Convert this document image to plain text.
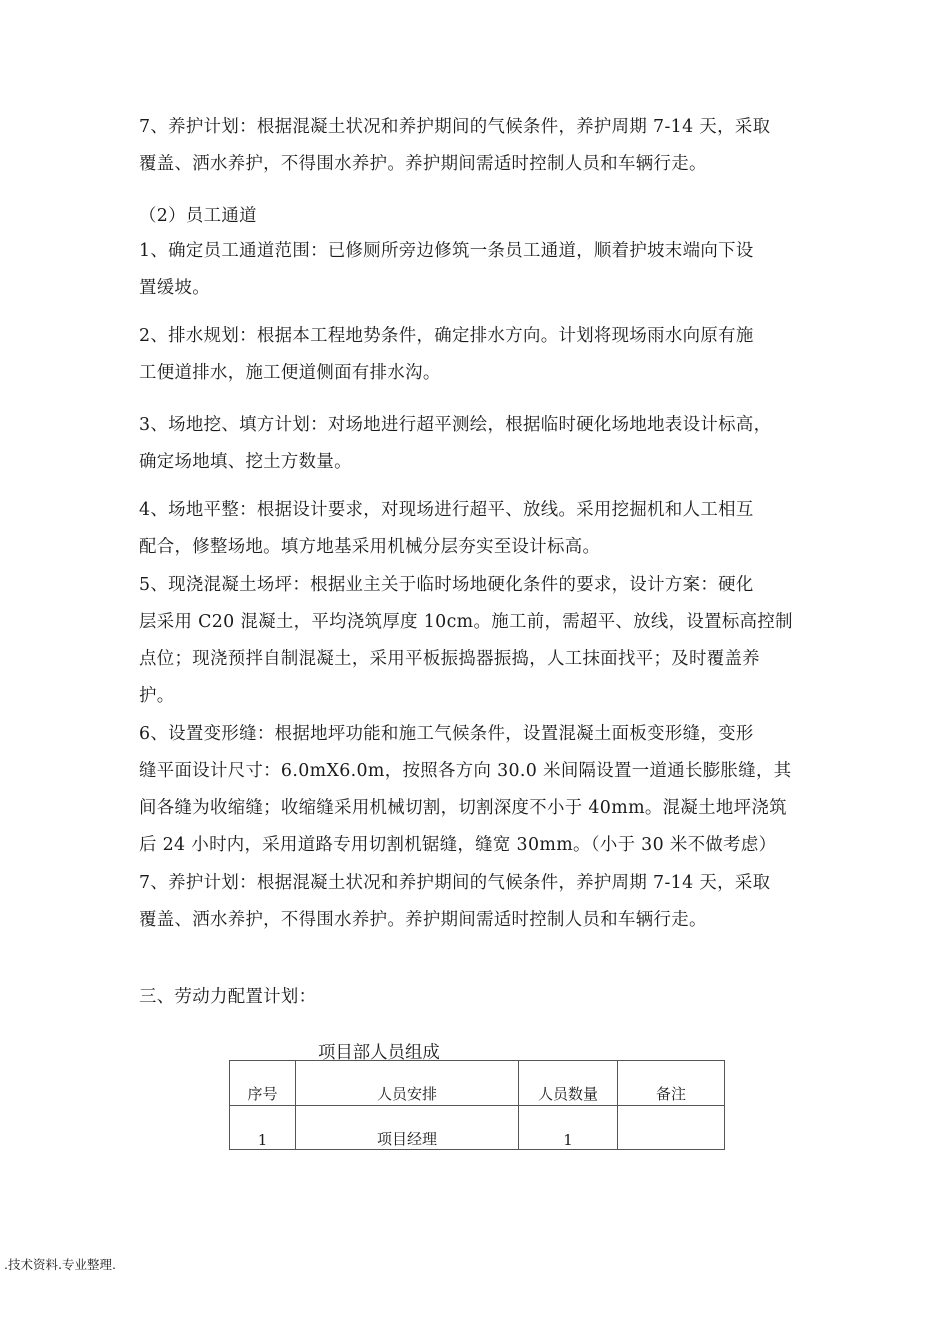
7、养护计划：根据混凝土状况和养护期间的气候条件，养护周期 7-14 天，采取
覆盖、洒水养护，不得围水养护。养护期间需适时控制人员和车辆行走。
（2）员工通道
1、确定员工通道范围：已修厕所旁边修筑一条员工通道，顺着护坡末端向下设
置缓坡。
2、排水规划：根据本工程地势条件，确定排水方向。计划将现场雨水向原有施
工便道排水，施工便道侧面有排水沟。
3、场地挖、填方计划：对场地进行超平测绘，根据临时硬化场地地表设计标高，
确定场地填、挖土方数量。
4、场地平整：根据设计要求，对现场进行超平、放线。采用挖掘机和人工相互
配合，修整场地。填方地基采用机械分层夯实至设计标高。
5、现浇混凝土场坪：根据业主关于临时场地硬化条件的要求，设计方案：硬化
层采用 C20 混凝土，平均浇筑厚度 10cm。施工前，需超平、放线，设置标高控制
点位；现浇预拌自制混凝土，采用平板振捣器振捣，人工抹面找平；及时覆盖养
护。
6、设置变形缝：根据地坪功能和施工气候条件，设置混凝土面板变形缝，变形
缝平面设计尺寸：6.0mX6.0m，按照各方向 30.0 米间隔设置一道通长膨胀缝，其
间各缝为收缩缝；收缩缝采用机械切割，切割深度不小于 40mm。混凝土地坪浇筑
后 24 小时内，采用道路专用切割机锯缝，缝宽 30mm。（小于 30 米不做考虑）
7、养护计划：根据混凝土状况和养护期间的气候条件，养护周期 7-14 天，采取
覆盖、洒水养护，不得围水养护。养护期间需适时控制人员和车辆行走。
三、劳动力配置计划：
项目部人员组成
序号	人员安排	人员数量	备注
1	项目经理	1	
.技术资料.专业整理.
